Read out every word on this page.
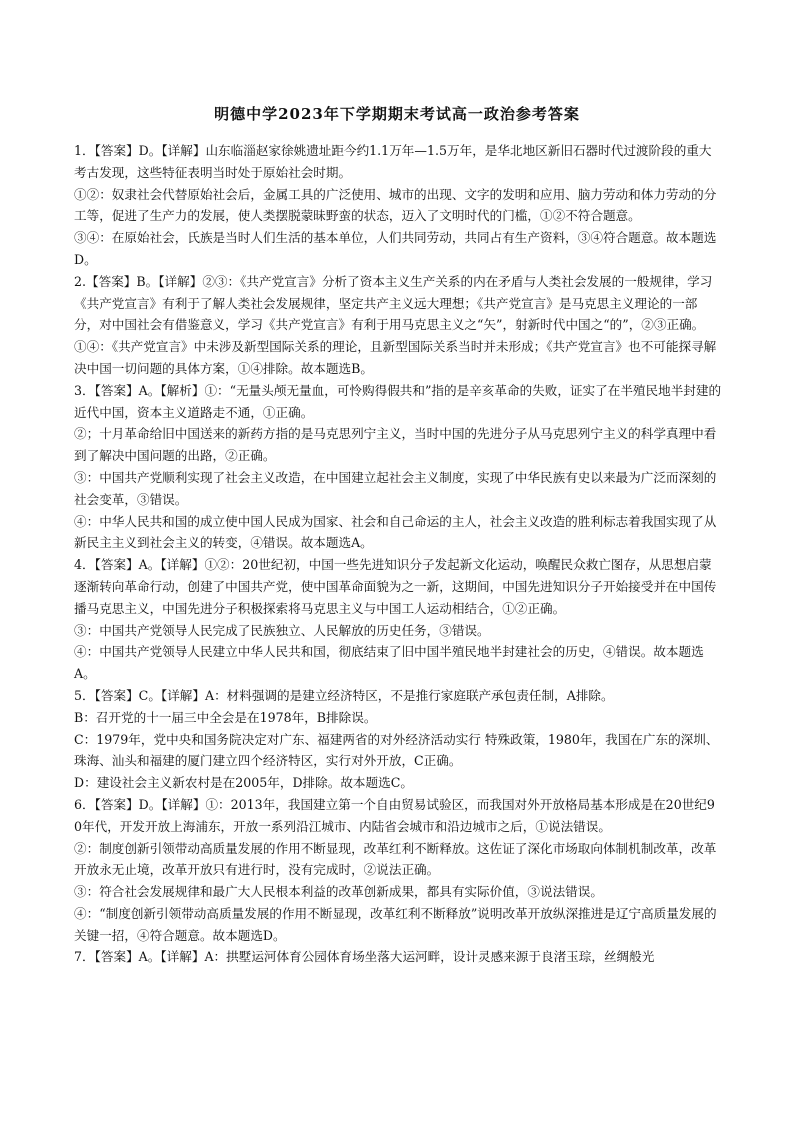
明德中学2023年下学期期末考试高一政治参考答案

1．【答案】D。【详解】山东临淄赵家徐姚遗址距今约1.1万年—1.5万年，是华北地区新旧石器时代过渡阶段的重大考古发现，这些特征表明当时处于原始社会时期。

①②：奴隶社会代替原始社会后，金属工具的广泛使用、城市的出现、文字的发明和应用、脑力劳动和体力劳动的分工等，促进了生产力的发展，使人类摆脱蒙昧野蛮的状态，迈入了文明时代的门槛，①②不符合题意。

③④：在原始社会，氏族是当时人们生活的基本单位，人们共同劳动，共同占有生产资料，③④符合题意。故本题选D。

2.【答案】B。【详解】②③：《共产党宣言》分析了资本主义生产关系的内在矛盾与人类社会发展的一般规律，学习《共产党宣言》有利于了解人类社会发展规律，坚定共产主义远大理想；《共产党宣言》是马克思主义理论的一部分，对中国社会有借鉴意义，学习《共产党宣言》有利于用马克思主义之“矢”，射新时代中国之“的”，②③正确。

①④：《共产党宣言》中未涉及新型国际关系的理论，且新型国际关系当时并未形成；《共产党宣言》也不可能探寻解决中国一切问题的具体方案，①④排除。故本题选B。

3．【答案】A。【解析】①：“无量头颅无量血，可怜购得假共和”指的是辛亥革命的失败，证实了在半殖民地半封建的近代中国，资本主义道路走不通，①正确。

②；十月革命给旧中国送来的新药方指的是马克思列宁主义，当时中国的先进分子从马克思列宁主义的科学真理中看到了解决中国问题的出路，②正确。

③：中国共产党顺利实现了社会主义改造，在中国建立起社会主义制度，实现了中华民族有史以来最为广泛而深刻的社会变革，③错误。

④：中华人民共和国的成立使中国人民成为国家、社会和自己命运的主人，社会主义改造的胜利标志着我国实现了从新民主主义到社会主义的转变，④错误。故本题选A。

4．【答案】A。【详解】①②：20世纪初，中国一些先进知识分子发起新文化运动，唤醒民众救亡图存，从思想启蒙逐渐转向革命行动，创建了中国共产党，使中国革命面貌为之一新，这期间，中国先进知识分子开始接受并在中国传播马克思主义，中国先进分子积极探索将马克思主义与中国工人运动相结合，①②正确。

③：中国共产党领导人民完成了民族独立、人民解放的历史任务，③错误。

④：中国共产党领导人民建立中华人民共和国，彻底结束了旧中国半殖民地半封建社会的历史，④错误。故本题选A。

5．【答案】C。【详解】A：材料强调的是建立经济特区，不是推行家庭联产承包责任制，A排除。

B：召开党的十一届三中全会是在1978年，B排除误。

C：1979年，党中央和国务院决定对广东、福建两省的对外经济活动实行 特殊政策，1980年，我国在广东的深圳、珠海、汕头和福建的厦门建立四个经济特区，实行对外开放，C正确。

D：建设社会主义新农村是在2005年，D排除。故本题选C。

6．【答案】D。【详解】①：2013年，我国建立第一个自由贸易试验区，而我国对外开放格局基本形成是在20世纪90年代，开发开放上海浦东，开放一系列沿江城市、内陆省会城市和沿边城市之后，①说法错误。

②：制度创新引领带动高质量发展的作用不断显现，改革红利不断释放。这佐证了深化市场取向体制机制改革，改革开放永无止境，改革开放只有进行时，没有完成时，②说法正确。

③：符合社会发展规律和最广大人民根本利益的改革创新成果，都具有实际价值，③说法错误。

④：“制度创新引领带动高质量发展的作用不断显现，改革红利不断释放”说明改革开放纵深推进是辽宁高质量发展的关键一招，④符合题意。故本题选D。

7．【答案】A。【详解】A：拱墅运河体育公园体育场坐落大运河畔，设计灵感来源于良渚玉琮，丝绸般光
